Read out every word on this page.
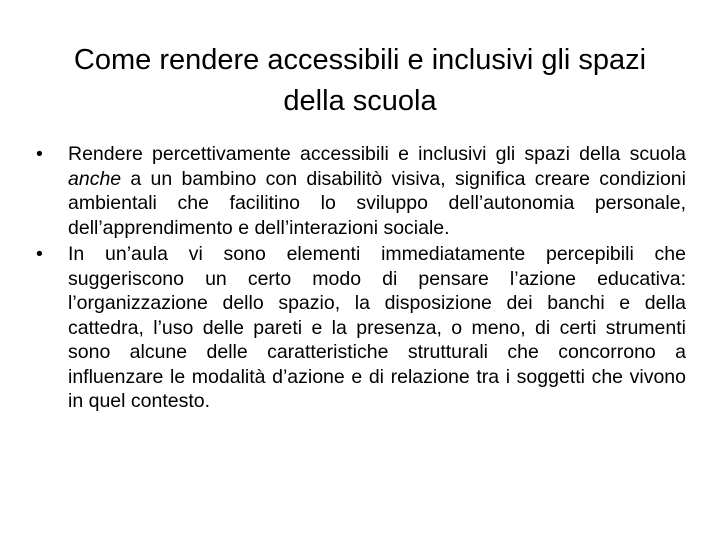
Come rendere accessibili e inclusivi gli spazi della scuola
• Rendere percettivamente accessibili e inclusivi gli spazi della scuola anche a un bambino con disabilitò visiva, significa creare condizioni ambientali che facilitino lo sviluppo dell’autonomia personale, dell’apprendimento e dell’interazioni sociale.
• In un’aula vi sono elementi immediatamente percepibili che suggeriscono un certo modo di pensare l’azione educativa: l’organizzazione dello spazio, la disposizione dei banchi e della cattedra, l’uso delle pareti e la presenza, o meno, di certi strumenti sono alcune delle caratteristiche strutturali che concorrono a influenzare le modalità d’azione e di relazione tra i soggetti che vivono in quel contesto.
